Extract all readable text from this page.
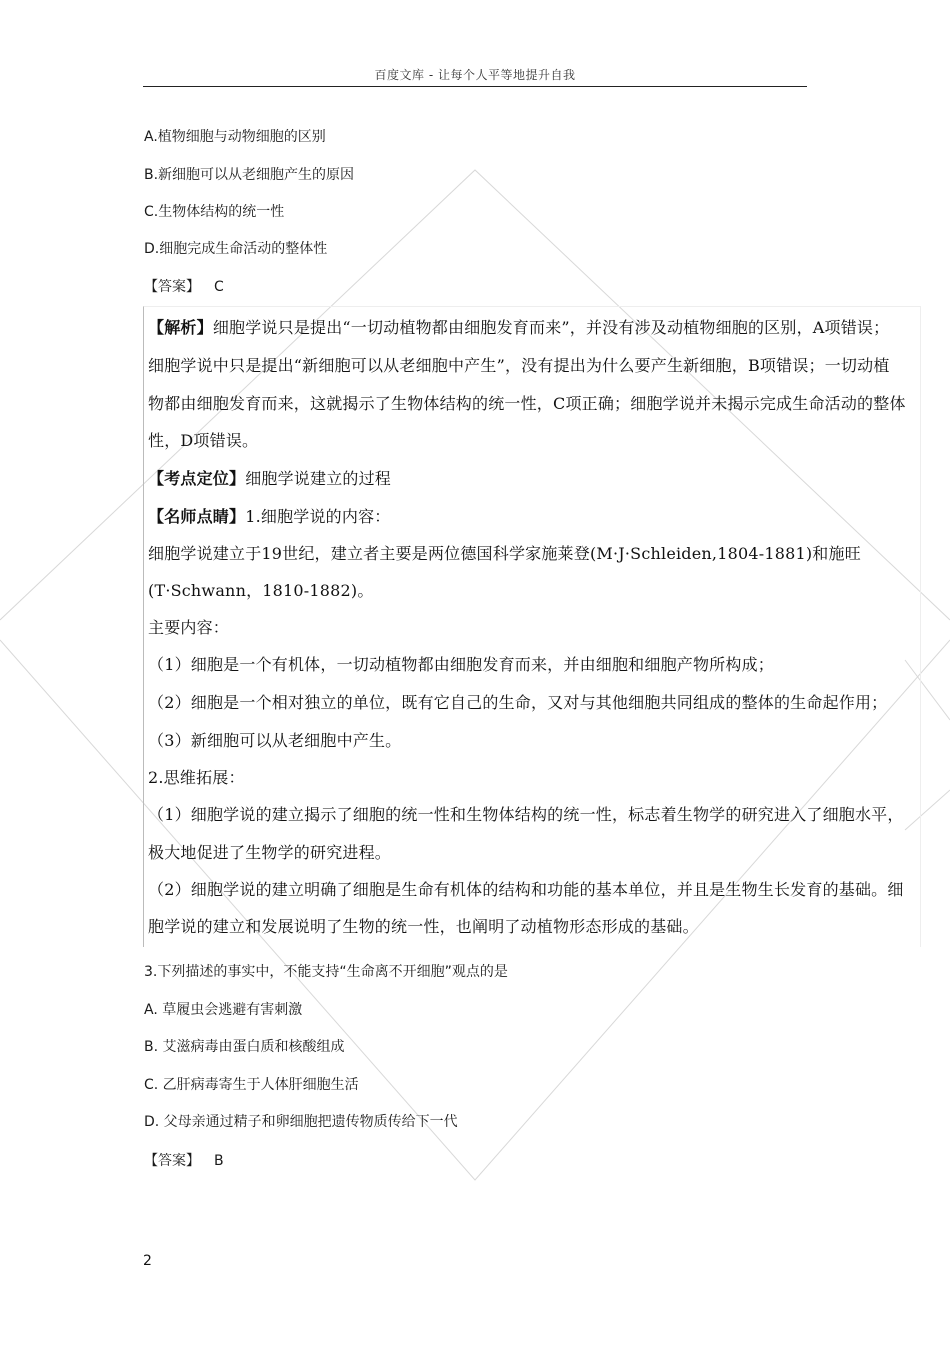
百度文库 - 让每个人平等地提升自我
A.植物细胞与动物细胞的区别
B.新细胞可以从老细胞产生的原因
C.生物体结构的统一性
D.细胞完成生命活动的整体性
【答案】 C
【解析】细胞学说只是提出“一切动植物都由细胞发育而来”，并没有涉及动植物细胞的区别，A项错误；
细胞学说中只是提出“新细胞可以从老细胞中产生”，没有提出为什么要产生新细胞，B项错误；一切动植
物都由细胞发育而来，这就揭示了生物体结构的统一性，C项正确；细胞学说并未揭示完成生命活动的整体
性，D项错误。
【考点定位】细胞学说建立的过程
【名师点睛】1.细胞学说的内容：
细胞学说建立于19世纪，建立者主要是两位德国科学家施莱登(M·J·Schleiden,1804-1881)和施旺
(T·Schwann，1810-1882)。
主要内容：
（1）细胞是一个有机体，一切动植物都由细胞发育而来，并由细胞和细胞产物所构成；
（2）细胞是一个相对独立的单位，既有它自己的生命，又对与其他细胞共同组成的整体的生命起作用；
（3）新细胞可以从老细胞中产生。
2.思维拓展：
（1）细胞学说的建立揭示了细胞的统一性和生物体结构的统一性，标志着生物学的研究进入了细胞水平，
极大地促进了生物学的研究进程。
（2）细胞学说的建立明确了细胞是生命有机体的结构和功能的基本单位，并且是生物生长发育的基础。细
胞学说的建立和发展说明了生物的统一性，也阐明了动植物形态形成的基础。
3.下列描述的事实中，不能支持“生命离不开细胞”观点的是
A. 草履虫会逃避有害刺激
B. 艾滋病毒由蛋白质和核酸组成
C. 乙肝病毒寄生于人体肝细胞生活
D. 父母亲通过精子和卵细胞把遗传物质传给下一代
【答案】 B
2
